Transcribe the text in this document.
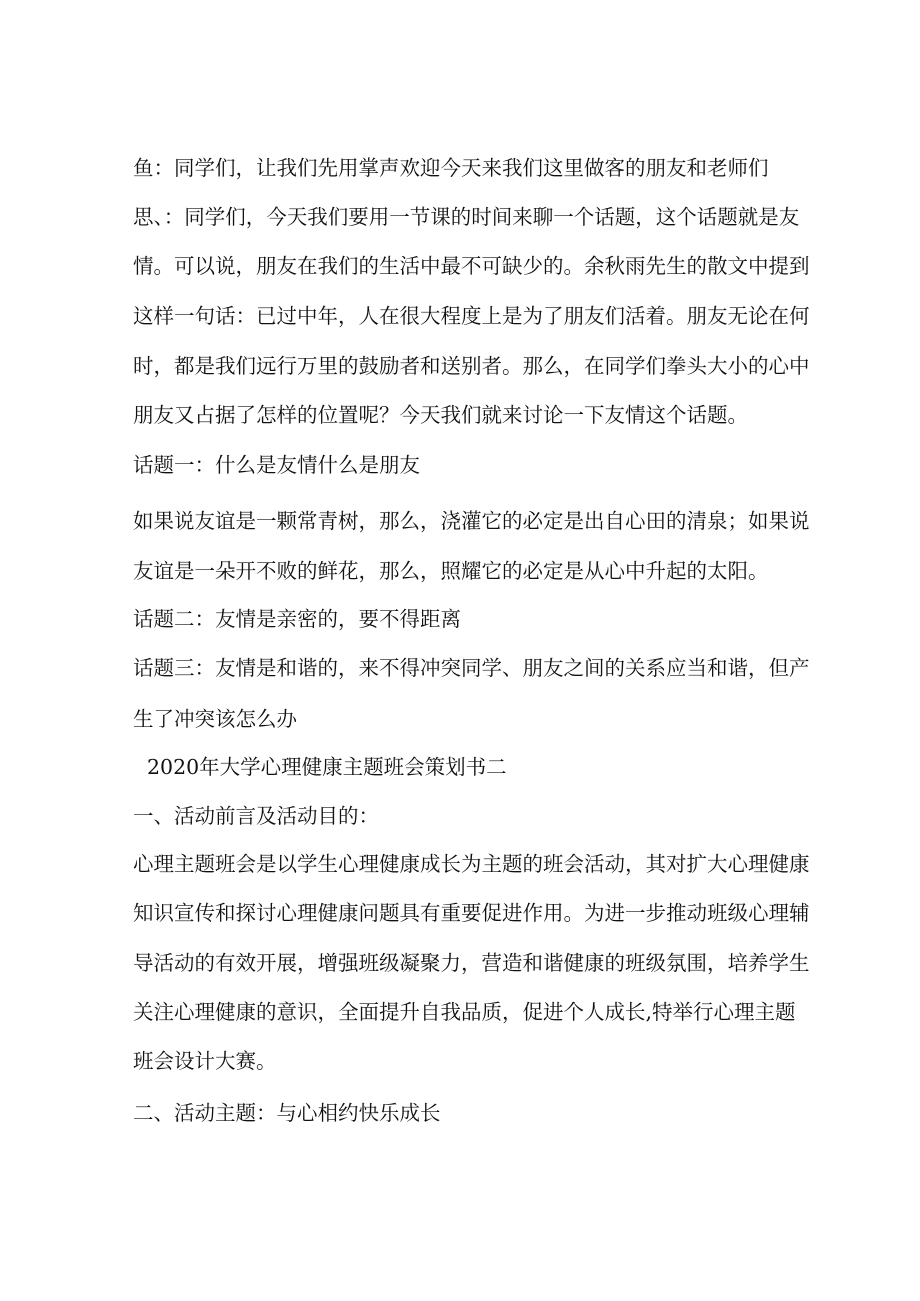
鱼：同学们，让我们先用掌声欢迎今天来我们这里做客的朋友和老师们
思、：同学们，今天我们要用一节课的时间来聊一个话题，这个话题就是友
情。可以说，朋友在我们的生活中最不可缺少的。余秋雨先生的散文中提到
这样一句话：已过中年，人在很大程度上是为了朋友们活着。朋友无论在何
时，都是我们远行万里的鼓励者和送别者。那么，在同学们拳头大小的心中
朋友又占据了怎样的位置呢？今天我们就来讨论一下友情这个话题。
话题一：什么是友情什么是朋友
如果说友谊是一颗常青树，那么，浇灌它的必定是出自心田的清泉；如果说
友谊是一朵开不败的鲜花，那么，照耀它的必定是从心中升起的太阳。
话题二：友情是亲密的，要不得距离
话题三：友情是和谐的，来不得冲突同学、朋友之间的关系应当和谐，但产
生了冲突该怎么办
2020年大学心理健康主题班会策划书二
一、活动前言及活动目的：
心理主题班会是以学生心理健康成长为主题的班会活动，其对扩大心理健康
知识宣传和探讨心理健康问题具有重要促进作用。为进一步推动班级心理辅
导活动的有效开展，增强班级凝聚力，营造和谐健康的班级氛围，培养学生
关注心理健康的意识，全面提升自我品质，促进个人成长,特举行心理主题
班会设计大赛。
二、活动主题：与心相约快乐成长
